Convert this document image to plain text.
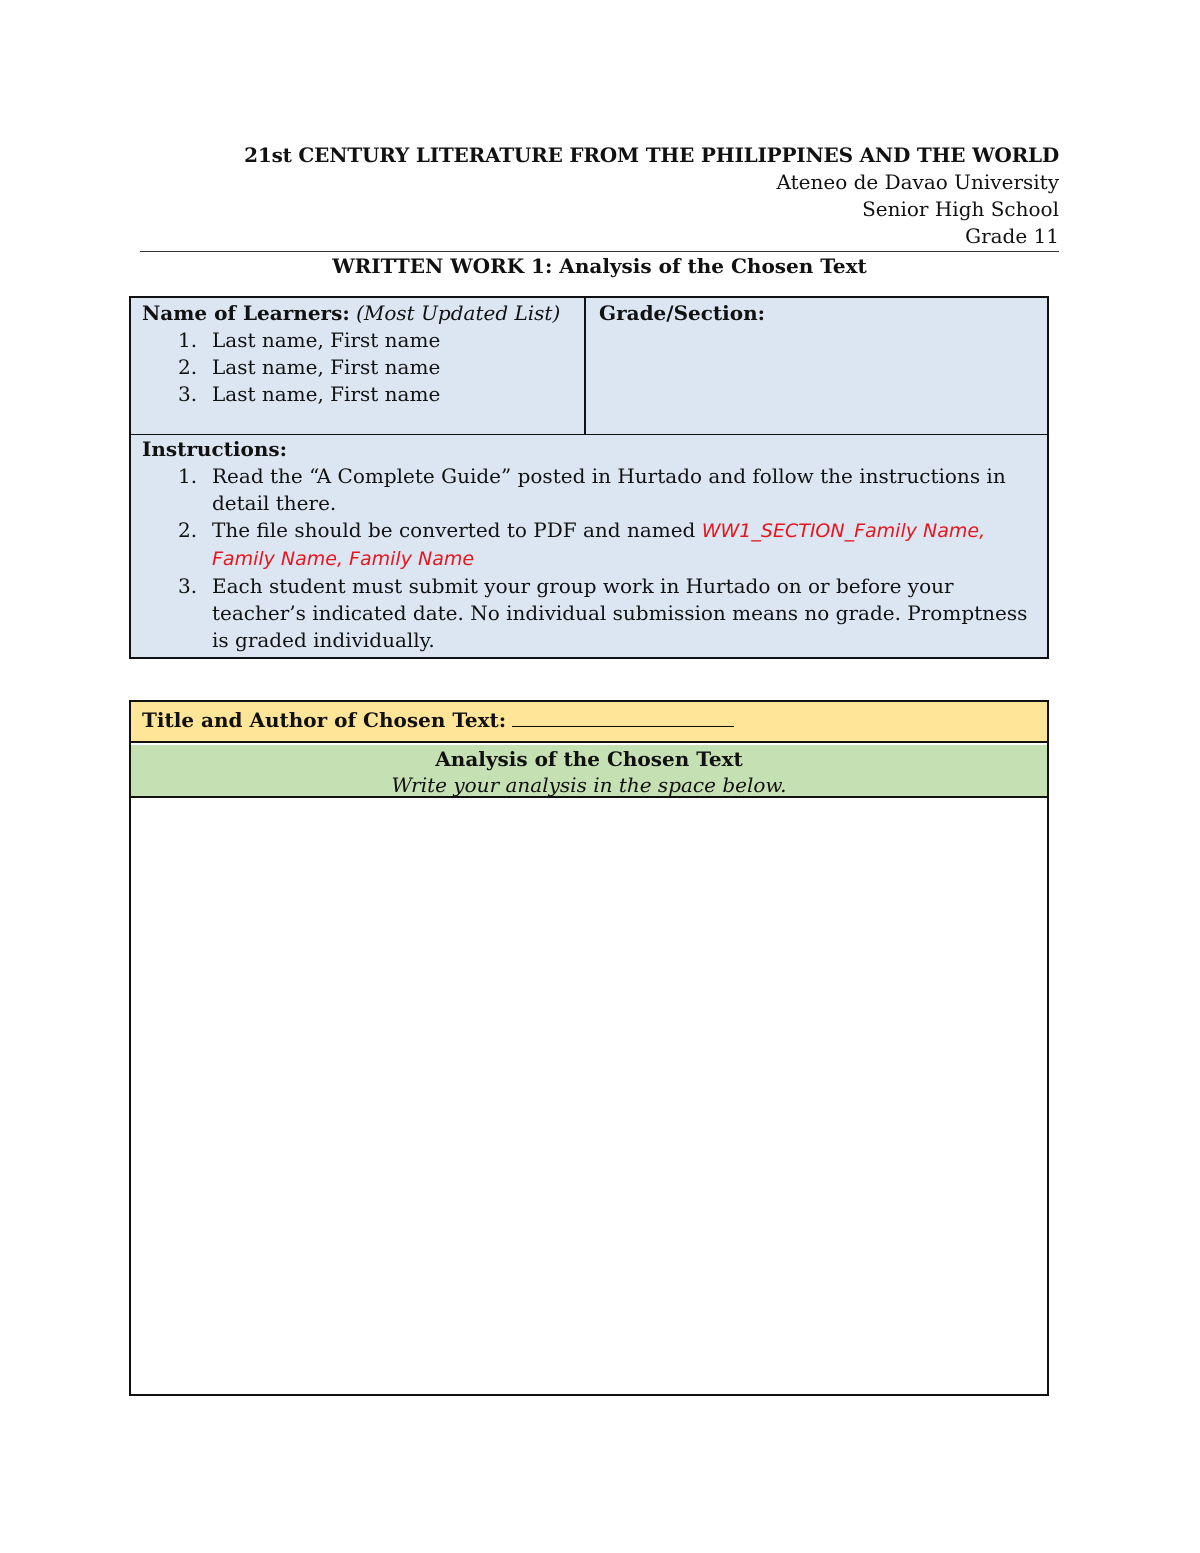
21st CENTURY LITERATURE FROM THE PHILIPPINES AND THE WORLD
Ateneo de Davao University
Senior High School
Grade 11
WRITTEN WORK 1: Analysis of the Chosen Text
Name of Learners: (Most Updated List)
1. Last name, First name
2. Last name, First name
3. Last name, First name
Grade/Section:
Instructions:
1. Read the “A Complete Guide” posted in Hurtado and follow the instructions in detail there.
2. The file should be converted to PDF and named WW1_SECTION_Family Name, Family Name, Family Name
3. Each student must submit your group work in Hurtado on or before your teacher’s indicated date. No individual submission means no grade. Promptness is graded individually.
Title and Author of Chosen Text:
Analysis of the Chosen Text
Write your analysis in the space below.
